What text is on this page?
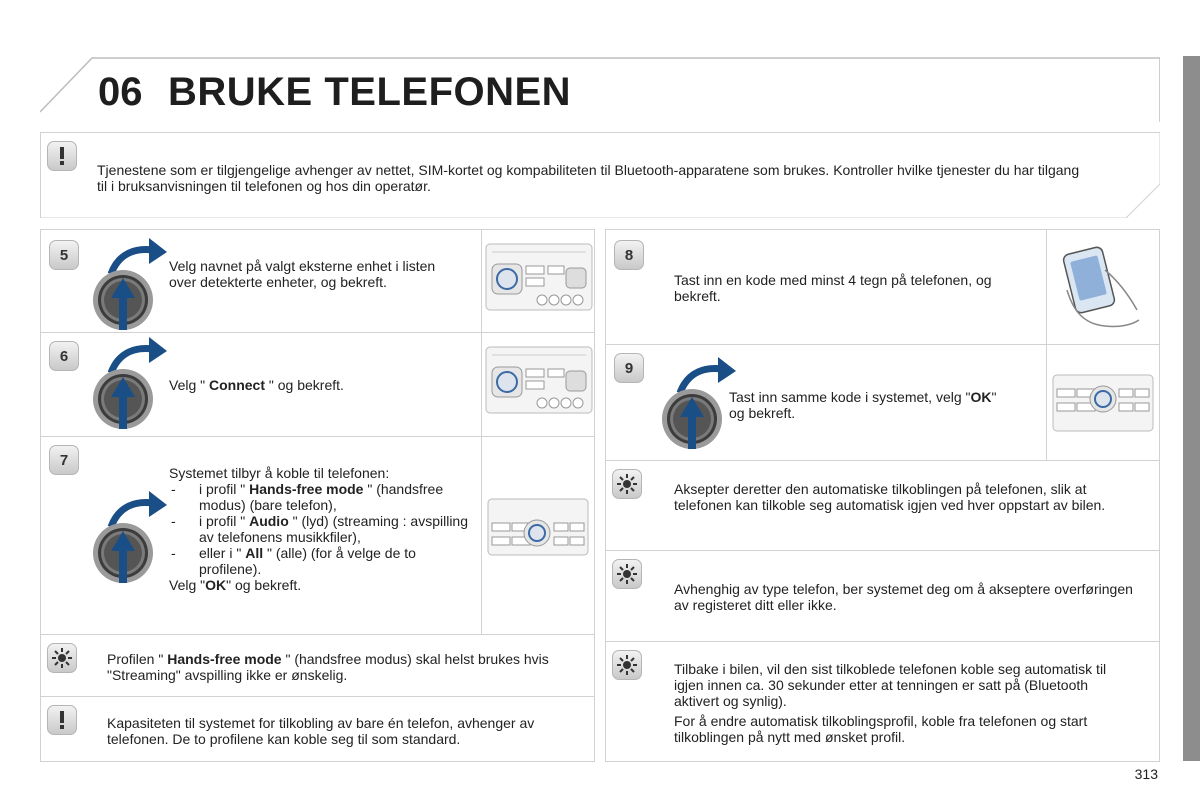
06 BRUKE TELEFONEN
Tjenestene som er tilgjengelige avhenger av nettet, SIM-kortet og kompabiliteten til Bluetooth-apparatene som brukes. Kontroller hvilke tjenester du har tilgang til i bruksanvisningen til telefonen og hos din operatør.
5
Velg navnet på valgt eksterne enhet i listen over detekterte enheter, og bekreft.
6
Velg " Connect " og bekreft.
7
Systemet tilbyr å koble til telefonen:
- i profil " Hands-free mode " (handsfree modus) (bare telefon),
- i profil " Audio " (lyd) (streaming : avspilling av telefonens musikkfiler),
- eller i " All " (alle) (for å velge de to profilene).
Velg "OK" og bekreft.
Profilen " Hands-free mode " (handsfree modus) skal helst brukes hvis "Streaming" avspilling ikke er ønskelig.
Kapasiteten til systemet for tilkobling av bare én telefon, avhenger av telefonen. De to profilene kan koble seg til som standard.
8
Tast inn en kode med minst 4 tegn på telefonen, og bekreft.
9
Tast inn samme kode i systemet, velg "OK" og bekreft.
Aksepter deretter den automatiske tilkoblingen på telefonen, slik at telefonen kan tilkoble seg automatisk igjen ved hver oppstart av bilen.
Avhenghig av type telefon, ber systemet deg om å akseptere overføringen av registeret ditt eller ikke.
Tilbake i bilen, vil den sist tilkoblede telefonen koble seg automatisk til igjen innen ca. 30 sekunder etter at tenningen er satt på (Bluetooth aktivert og synlig).
For å endre automatisk tilkoblingsprofil, koble fra telefonen og start tilkoblingen på nytt med ønsket profil.
313
